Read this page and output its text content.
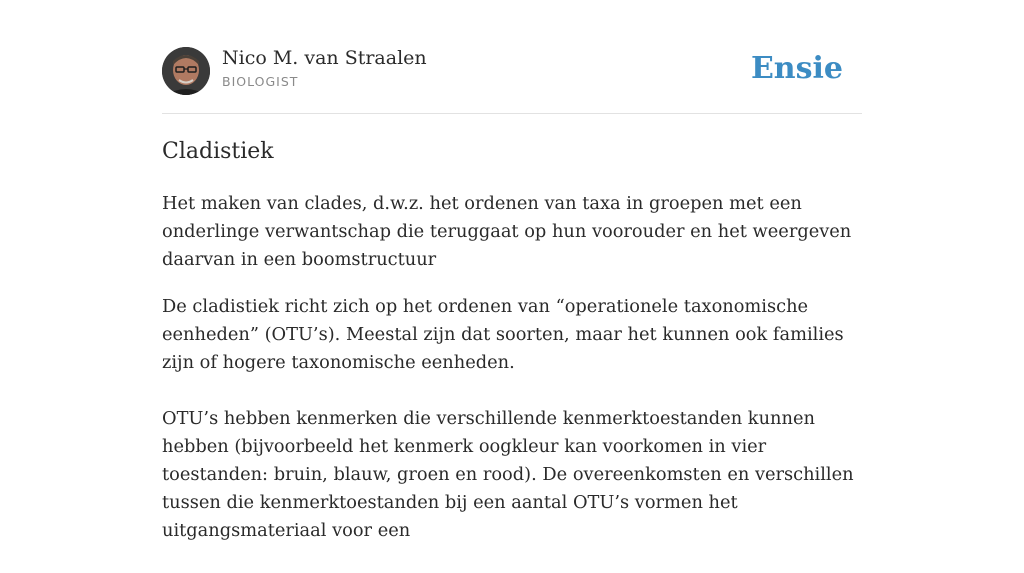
Nico M. van Straalen
BIOLOGIST	Ensie
Cladistiek

Het maken van clades, d.w.z. het ordenen van taxa in groepen met een onderlinge verwantschap die teruggaat op hun voorouder en het weergeven daarvan in een boomstructuur

De cladistiek richt zich op het ordenen van “operationele taxonomische eenheden” (OTU’s). Meestal zijn dat soorten, maar het kunnen ook families zijn of hogere taxonomische eenheden.

OTU’s hebben kenmerken die verschillende kenmerktoestanden kunnen hebben (bijvoorbeeld het kenmerk oogkleur kan voorkomen in vier toestanden: bruin, blauw, groen en rood). De overeenkomsten en verschillen tussen die kenmerktoestanden bij een aantal OTU’s vormen het uitgangsmateriaal voor een
